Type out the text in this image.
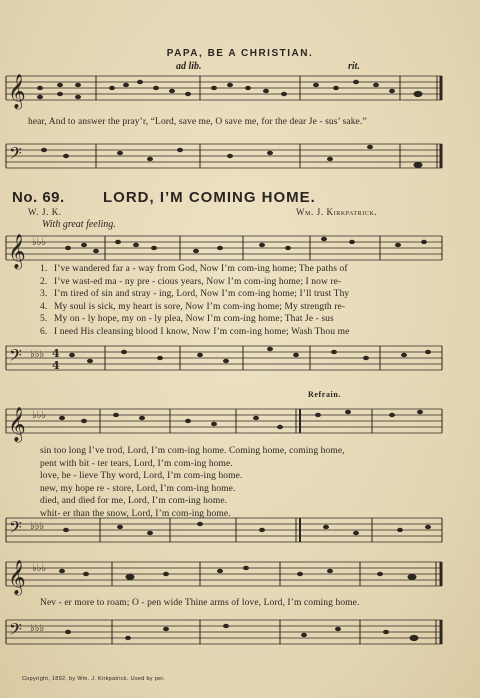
PAPA, BE A CHRISTIAN.
ad lib.	rit.
𝄞
hear, And to answer the pray’r, “Lord, save me, O save me, for the dear Je - sus’ sake.”
𝄢
No. 69.	LORD, I’M COMING HOME.
W. J. K.	Wm. J. Kirkpatrick.
With great feeling.
𝄞 ♭♭♭
1. I’ve wandered far a - way from God, Now I’m com-ing home; The paths of
2. I’ve wast-ed ma - ny pre - cious years, Now I’m com-ing home; I now re-
3. I’m tired of sin and stray - ing, Lord, Now I’m com-ing home; I’ll trust Thy
4. My soul is sick, my heart is sore, Now I’m com-ing home; My strength re-
5. My on - ly hope, my on - ly plea, Now I’m com-ing home; That Je - sus
6. I need His cleansing blood I know, Now I’m com-ing home; Wash Thou me
𝄢 ♭♭♭ 4
4
Refrain.
𝄞 ♭♭♭
sin too long I’ve trod, Lord, I’m com-ing home. Coming home, coming home,
pent with bit - ter tears, Lord, I’m com-ing home.
love, be - lieve Thy word, Lord, I’m com-ing home.
new, my hope re - store, Lord, I’m com-ing home.
died, and died for me, Lord, I’m com-ing home.
whit- er than the snow, Lord, I’m com-ing home.
𝄢 ♭♭♭
𝄞 ♭♭♭
Nev - er more to roam; O - pen wide Thine arms of love, Lord, I’m coming home.
𝄢 ♭♭♭
Copyright, 1892, by Wm. J. Kirkpatrick. Used by per.
